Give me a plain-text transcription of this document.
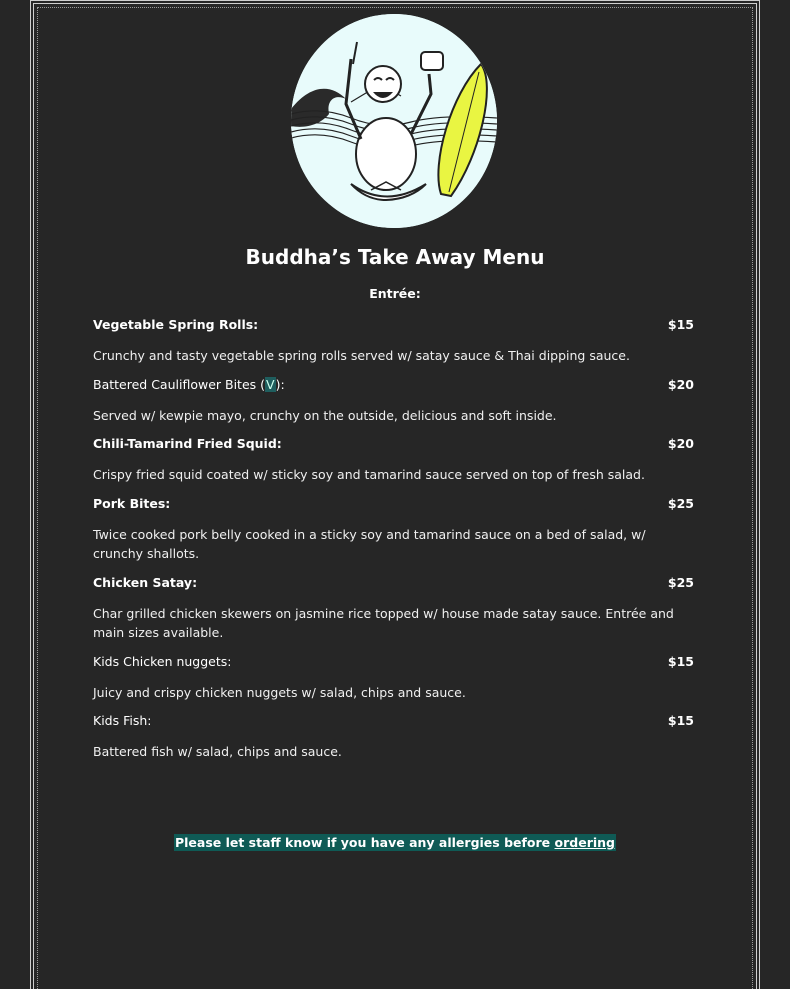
Buddha’s Take Away Menu
Entrée:
Vegetable Spring Rolls:	$15
Crunchy and tasty vegetable spring rolls served w/ satay sauce & Thai dipping sauce.
Battered Cauliflower Bites (V):	$20
Served w/ kewpie mayo, crunchy on the outside, delicious and soft inside.
Chili-Tamarind Fried Squid:	$20
Crispy fried squid coated w/ sticky soy and tamarind sauce served on top of fresh salad.
Pork Bites:	$25
Twice cooked pork belly cooked in a sticky soy and tamarind sauce on a bed of salad, w/ crunchy shallots.
Chicken Satay:	$25
Char grilled chicken skewers on jasmine rice topped w/ house made satay sauce. Entrée and main sizes available.
Kids Chicken nuggets:	$15
Juicy and crispy chicken nuggets w/ salad, chips and sauce.
Kids Fish:	$15
Battered fish w/ salad, chips and sauce.
Please let staff know if you have any allergies before ordering
